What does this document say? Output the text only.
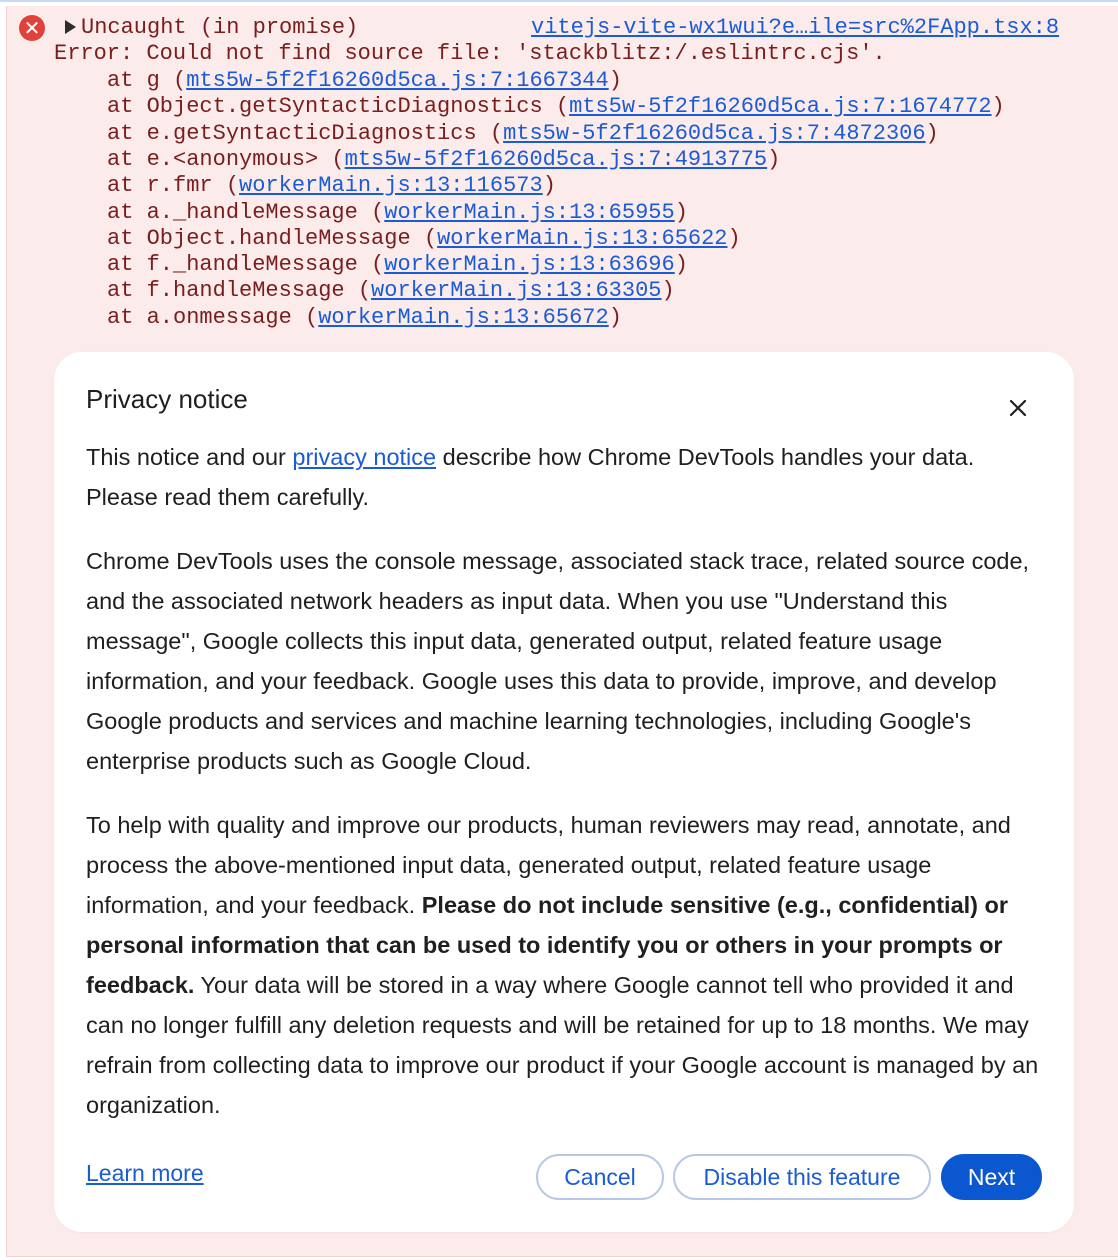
✕ Uncaught (in promise)	vitejs-vite-wx1wui?e…ile=src%2FApp.tsx:8
Error: Could not find source file: 'stackblitz:/.eslintrc.cjs'.
at g (mts5w-5f2f16260d5ca.js:7:1667344)
at Object.getSyntacticDiagnostics (mts5w-5f2f16260d5ca.js:7:1674772)
at e.getSyntacticDiagnostics (mts5w-5f2f16260d5ca.js:7:4872306)
at e.<anonymous> (mts5w-5f2f16260d5ca.js:7:4913775)
at r.fmr (workerMain.js:13:116573)
at a._handleMessage (workerMain.js:13:65955)
at Object.handleMessage (workerMain.js:13:65622)
at f._handleMessage (workerMain.js:13:63696)
at f.handleMessage (workerMain.js:13:63305)
at a.onmessage (workerMain.js:13:65672)
Privacy notice
This notice and our privacy notice describe how Chrome DevTools handles your data. Please read them carefully.
Chrome DevTools uses the console message, associated stack trace, related source code, and the associated network headers as input data. When you use "Understand this message", Google collects this input data, generated output, related feature usage information, and your feedback. Google uses this data to provide, improve, and develop Google products and services and machine learning technologies, including Google's enterprise products such as Google Cloud.
To help with quality and improve our products, human reviewers may read, annotate, and process the above-mentioned input data, generated output, related feature usage information, and your feedback. Please do not include sensitive (e.g., confidential) or personal information that can be used to identify you or others in your prompts or feedback. Your data will be stored in a way where Google cannot tell who provided it and can no longer fulfill any deletion requests and will be retained for up to 18 months. We may refrain from collecting data to improve our product if your Google account is managed by an organization.
Learn more	Cancel	Disable this feature	Next
